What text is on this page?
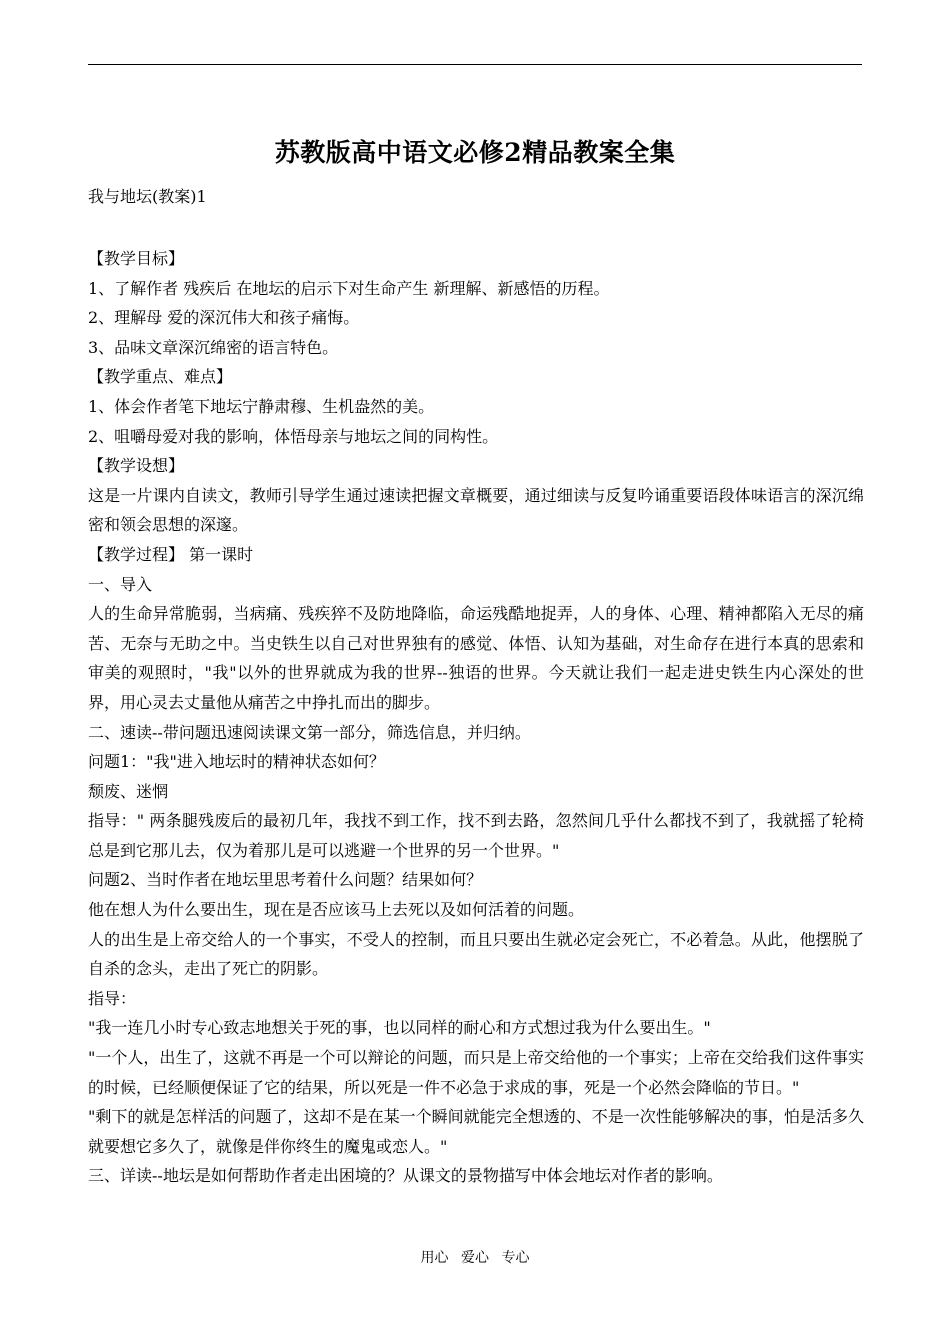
苏教版高中语文必修2精品教案全集
我与地坛(教案)1

【教学目标】

1、了解作者 残疾后 在地坛的启示下对生命产生 新理解、新感悟的历程。

2、理解母 爱的深沉伟大和孩子痛悔。

3、品味文章深沉绵密的语言特色。

【教学重点、难点】

1、体会作者笔下地坛宁静肃穆、生机盎然的美。

2、咀嚼母爱对我的影响，体悟母亲与地坛之间的同构性。

【教学设想】

这是一片课内自读文，教师引导学生通过速读把握文章概要，通过细读与反复吟诵重要语段体味语言的深沉绵密和领会思想的深邃。

【教学过程】 第一课时

一、导入

人的生命异常脆弱，当病痛、残疾猝不及防地降临，命运残酷地捉弄，人的身体、心理、精神都陷入无尽的痛苦、无奈与无助之中。当史铁生以自己对世界独有的感觉、体悟、认知为基础，对生命存在进行本真的思索和审美的观照时，"我"以外的世界就成为我的世界--独语的世界。今天就让我们一起走进史铁生内心深处的世界，用心灵去丈量他从痛苦之中挣扎而出的脚步。

二、速读--带问题迅速阅读课文第一部分，筛选信息，并归纳。

问题1："我"进入地坛时的精神状态如何？

颓废、迷惘

指导：" 两条腿残废后的最初几年，我找不到工作，找不到去路，忽然间几乎什么都找不到了，我就摇了轮椅总是到它那儿去，仅为着那儿是可以逃避一个世界的另一个世界。"

问题2、当时作者在地坛里思考着什么问题？结果如何？

他在想人为什么要出生，现在是否应该马上去死以及如何活着的问题。

人的出生是上帝交给人的一个事实，不受人的控制，而且只要出生就必定会死亡，不必着急。从此，他摆脱了自杀的念头，走出了死亡的阴影。

指导：

"我一连几小时专心致志地想关于死的事，也以同样的耐心和方式想过我为什么要出生。"

"一个人，出生了，这就不再是一个可以辩论的问题，而只是上帝交给他的一个事实；上帝在交给我们这件事实的时候，已经顺便保证了它的结果，所以死是一件不必急于求成的事，死是一个必然会降临的节日。"

"剩下的就是怎样活的问题了，这却不是在某一个瞬间就能完全想透的、不是一次性能够解决的事，怕是活多久就要想它多久了，就像是伴你终生的魔鬼或恋人。"

三、详读--地坛是如何帮助作者走出困境的？从课文的景物描写中体会地坛对作者的影响。

用心 爱心 专心
